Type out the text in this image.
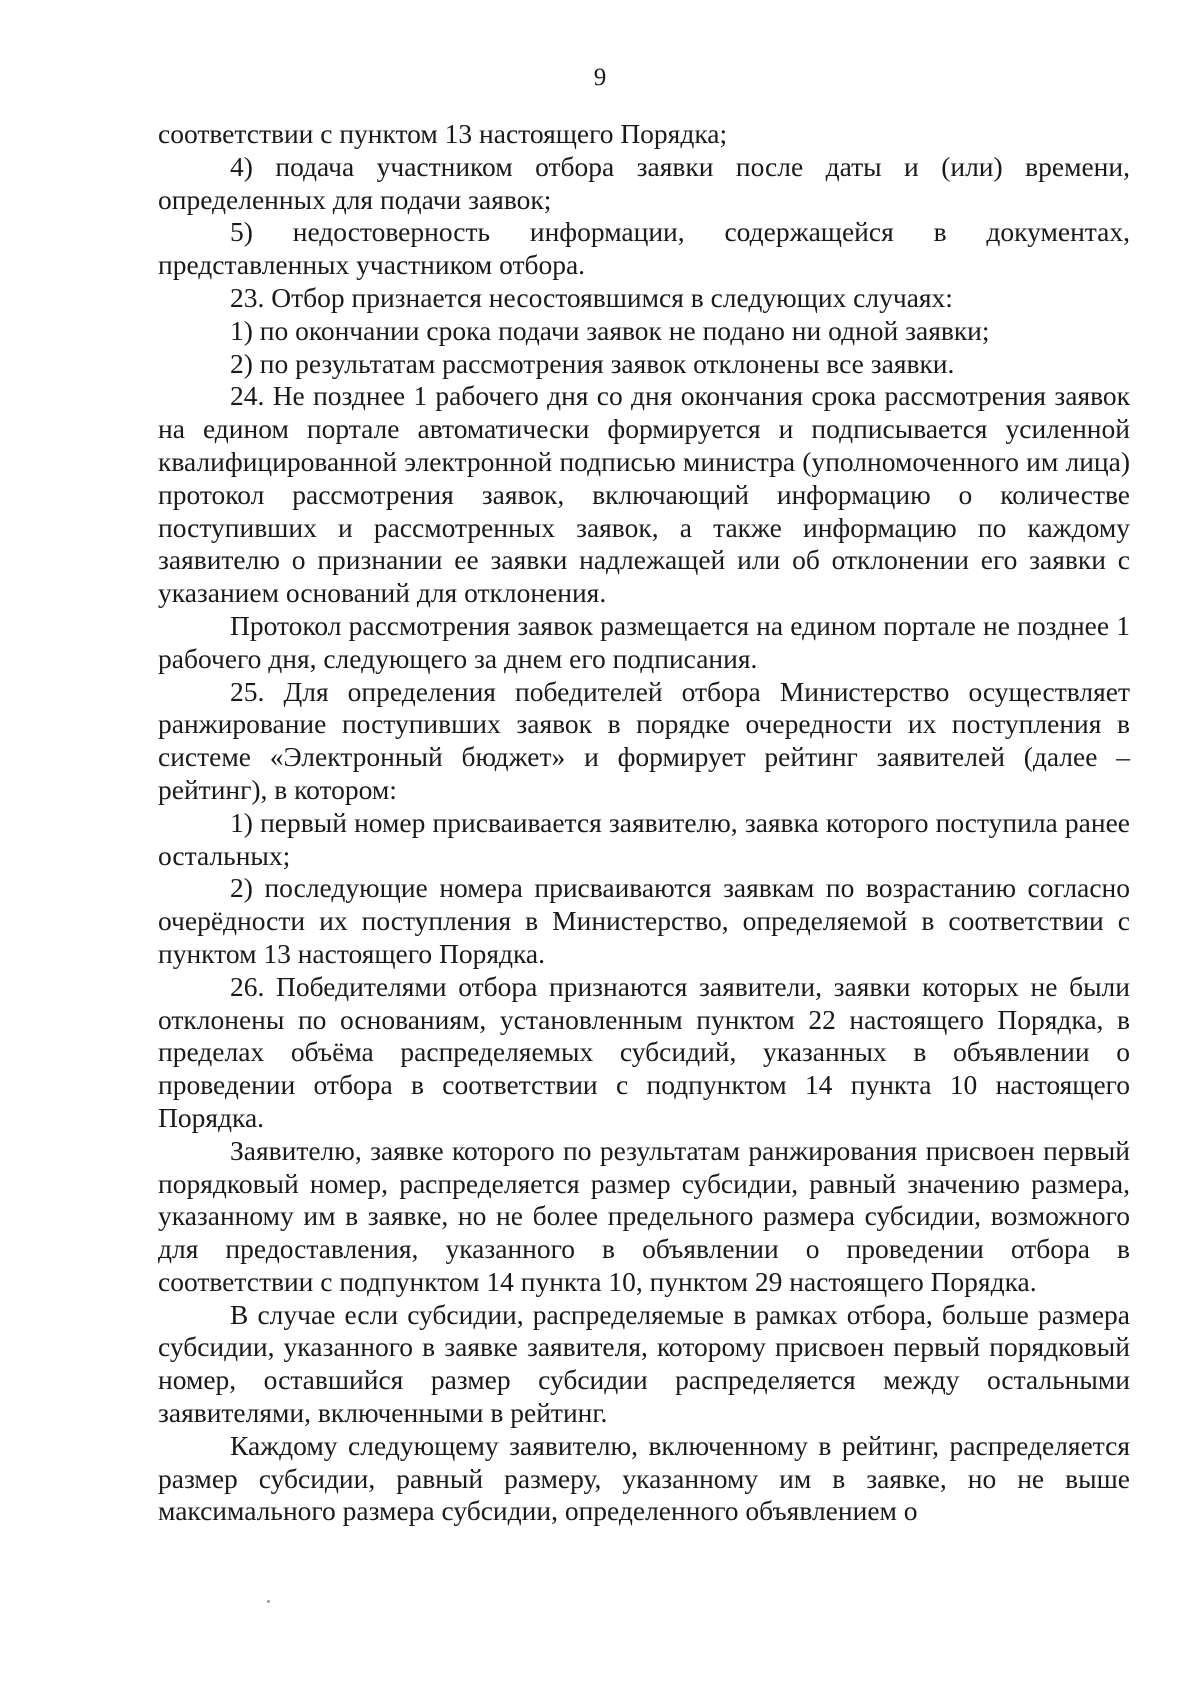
9

соответствии с пунктом 13 настоящего Порядка;

4) подача участником отбора заявки после даты и (или) времени, определенных для подачи заявок;

5) недостоверность информации, содержащейся в документах, представленных участником отбора.

23. Отбор признается несостоявшимся в следующих случаях:

1) по окончании срока подачи заявок не подано ни одной заявки;

2) по результатам рассмотрения заявок отклонены все заявки.

24. Не позднее 1 рабочего дня со дня окончания срока рассмотрения заявок на едином портале автоматически формируется и подписывается усиленной квалифицированной электронной подписью министра (уполномоченного им лица) протокол рассмотрения заявок, включающий информацию о количестве поступивших и рассмотренных заявок, а также информацию по каждому заявителю о признании ее заявки надлежащей или об отклонении его заявки с указанием оснований для отклонения.

Протокол рассмотрения заявок размещается на едином портале не позднее 1 рабочего дня, следующего за днем его подписания.

25. Для определения победителей отбора Министерство осуществляет ранжирование поступивших заявок в порядке очередности их поступления в системе «Электронный бюджет» и формирует рейтинг заявителей (далее – рейтинг), в котором:

1) первый номер присваивается заявителю, заявка которого поступила ранее остальных;

2) последующие номера присваиваются заявкам по возрастанию согласно очерёдности их поступления в Министерство, определяемой в соответствии с пунктом 13 настоящего Порядка.

26. Победителями отбора признаются заявители, заявки которых не были отклонены по основаниям, установленным пунктом 22 настоящего Порядка, в пределах объёма распределяемых субсидий, указанных в объявлении о проведении отбора в соответствии с подпунктом 14 пункта 10 настоящего Порядка.

Заявителю, заявке которого по результатам ранжирования присвоен первый порядковый номер, распределяется размер субсидии, равный значению размера, указанному им в заявке, но не более предельного размера субсидии, возможного для предоставления, указанного в объявлении о проведении отбора в соответствии с подпунктом 14 пункта 10, пунктом 29 настоящего Порядка.

В случае если субсидии, распределяемые в рамках отбора, больше размера субсидии, указанного в заявке заявителя, которому присвоен первый порядковый номер, оставшийся размер субсидии распределяется между остальными заявителями, включенными в рейтинг.

Каждому следующему заявителю, включенному в рейтинг, распределяется размер субсидии, равный размеру, указанному им в заявке, но не выше максимального размера субсидии, определенного объявлением о
